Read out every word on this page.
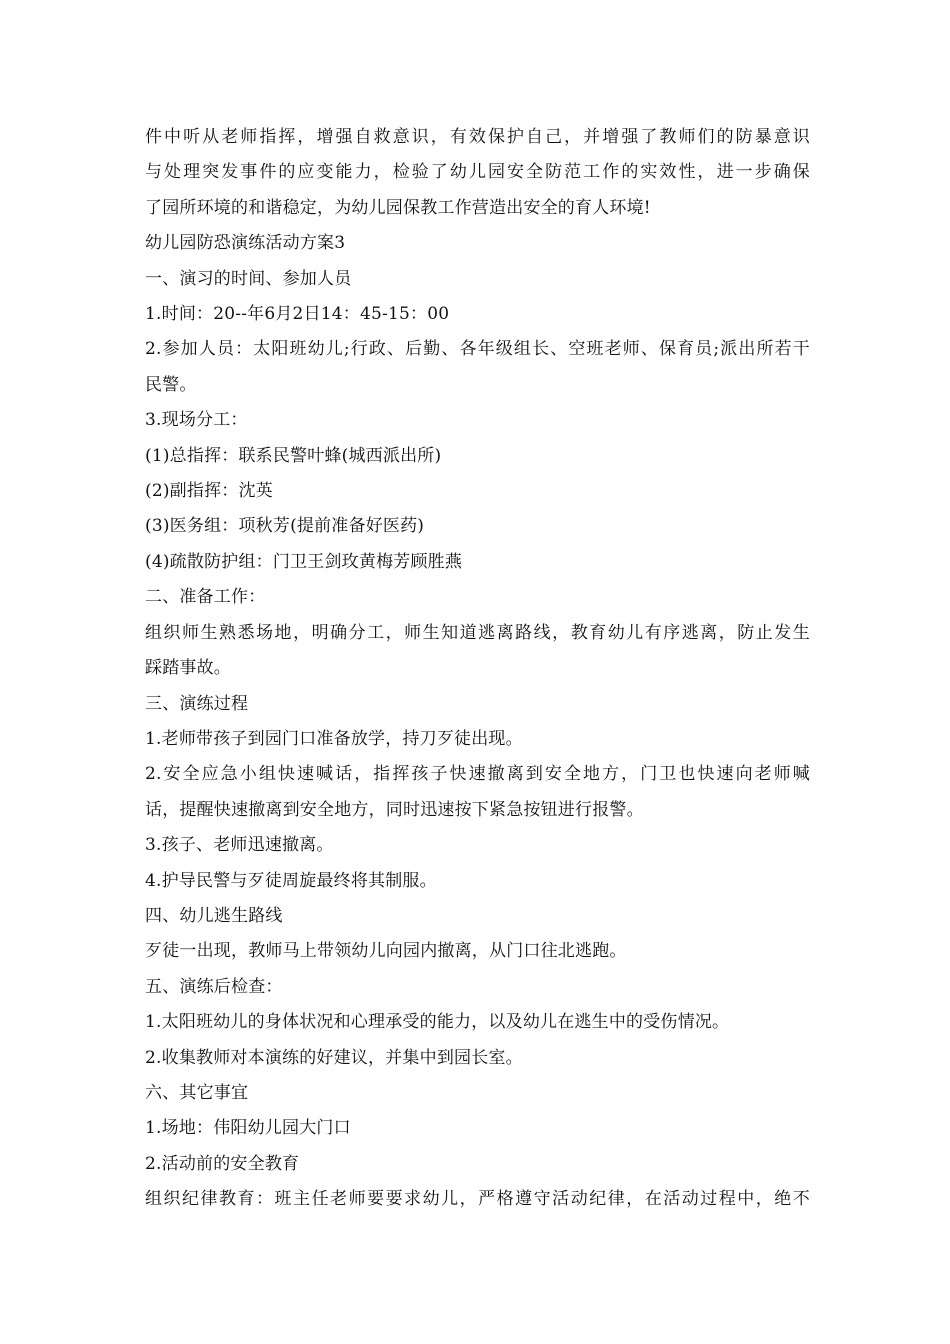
件中听从老师指挥，增强自救意识，有效保护自己，并增强了教师们的防暴意识

与处理突发事件的应变能力，检验了幼儿园安全防范工作的实效性，进一步确保

了园所环境的和谐稳定，为幼儿园保教工作营造出安全的育人环境!

幼儿园防恐演练活动方案3

一、演习的时间、参加人员

1.时间：20--年6月2日14：45-15：00

2.参加人员：太阳班幼儿;行政、后勤、各年级组长、空班老师、保育员;派出所若干

民警。

3.现场分工：

(1)总指挥：联系民警叶蜂(城西派出所)

(2)副指挥：沈英

(3)医务组：项秋芳(提前准备好医药)

(4)疏散防护组：门卫王剑玫黄梅芳顾胜燕

二、准备工作：

组织师生熟悉场地，明确分工，师生知道逃离路线，教育幼儿有序逃离，防止发生

踩踏事故。

三、演练过程

1.老师带孩子到园门口准备放学，持刀歹徒出现。

2.安全应急小组快速喊话，指挥孩子快速撤离到安全地方，门卫也快速向老师喊

话，提醒快速撤离到安全地方，同时迅速按下紧急按钮进行报警。

3.孩子、老师迅速撤离。

4.护导民警与歹徒周旋最终将其制服。

四、幼儿逃生路线

歹徒一出现，教师马上带领幼儿向园内撤离，从门口往北逃跑。

五、演练后检查：

1.太阳班幼儿的身体状况和心理承受的能力，以及幼儿在逃生中的受伤情况。

2.收集教师对本演练的好建议，并集中到园长室。

六、其它事宜

1.场地：伟阳幼儿园大门口

2.活动前的安全教育

组织纪律教育：班主任老师要要求幼儿，严格遵守活动纪律，在活动过程中，绝不
